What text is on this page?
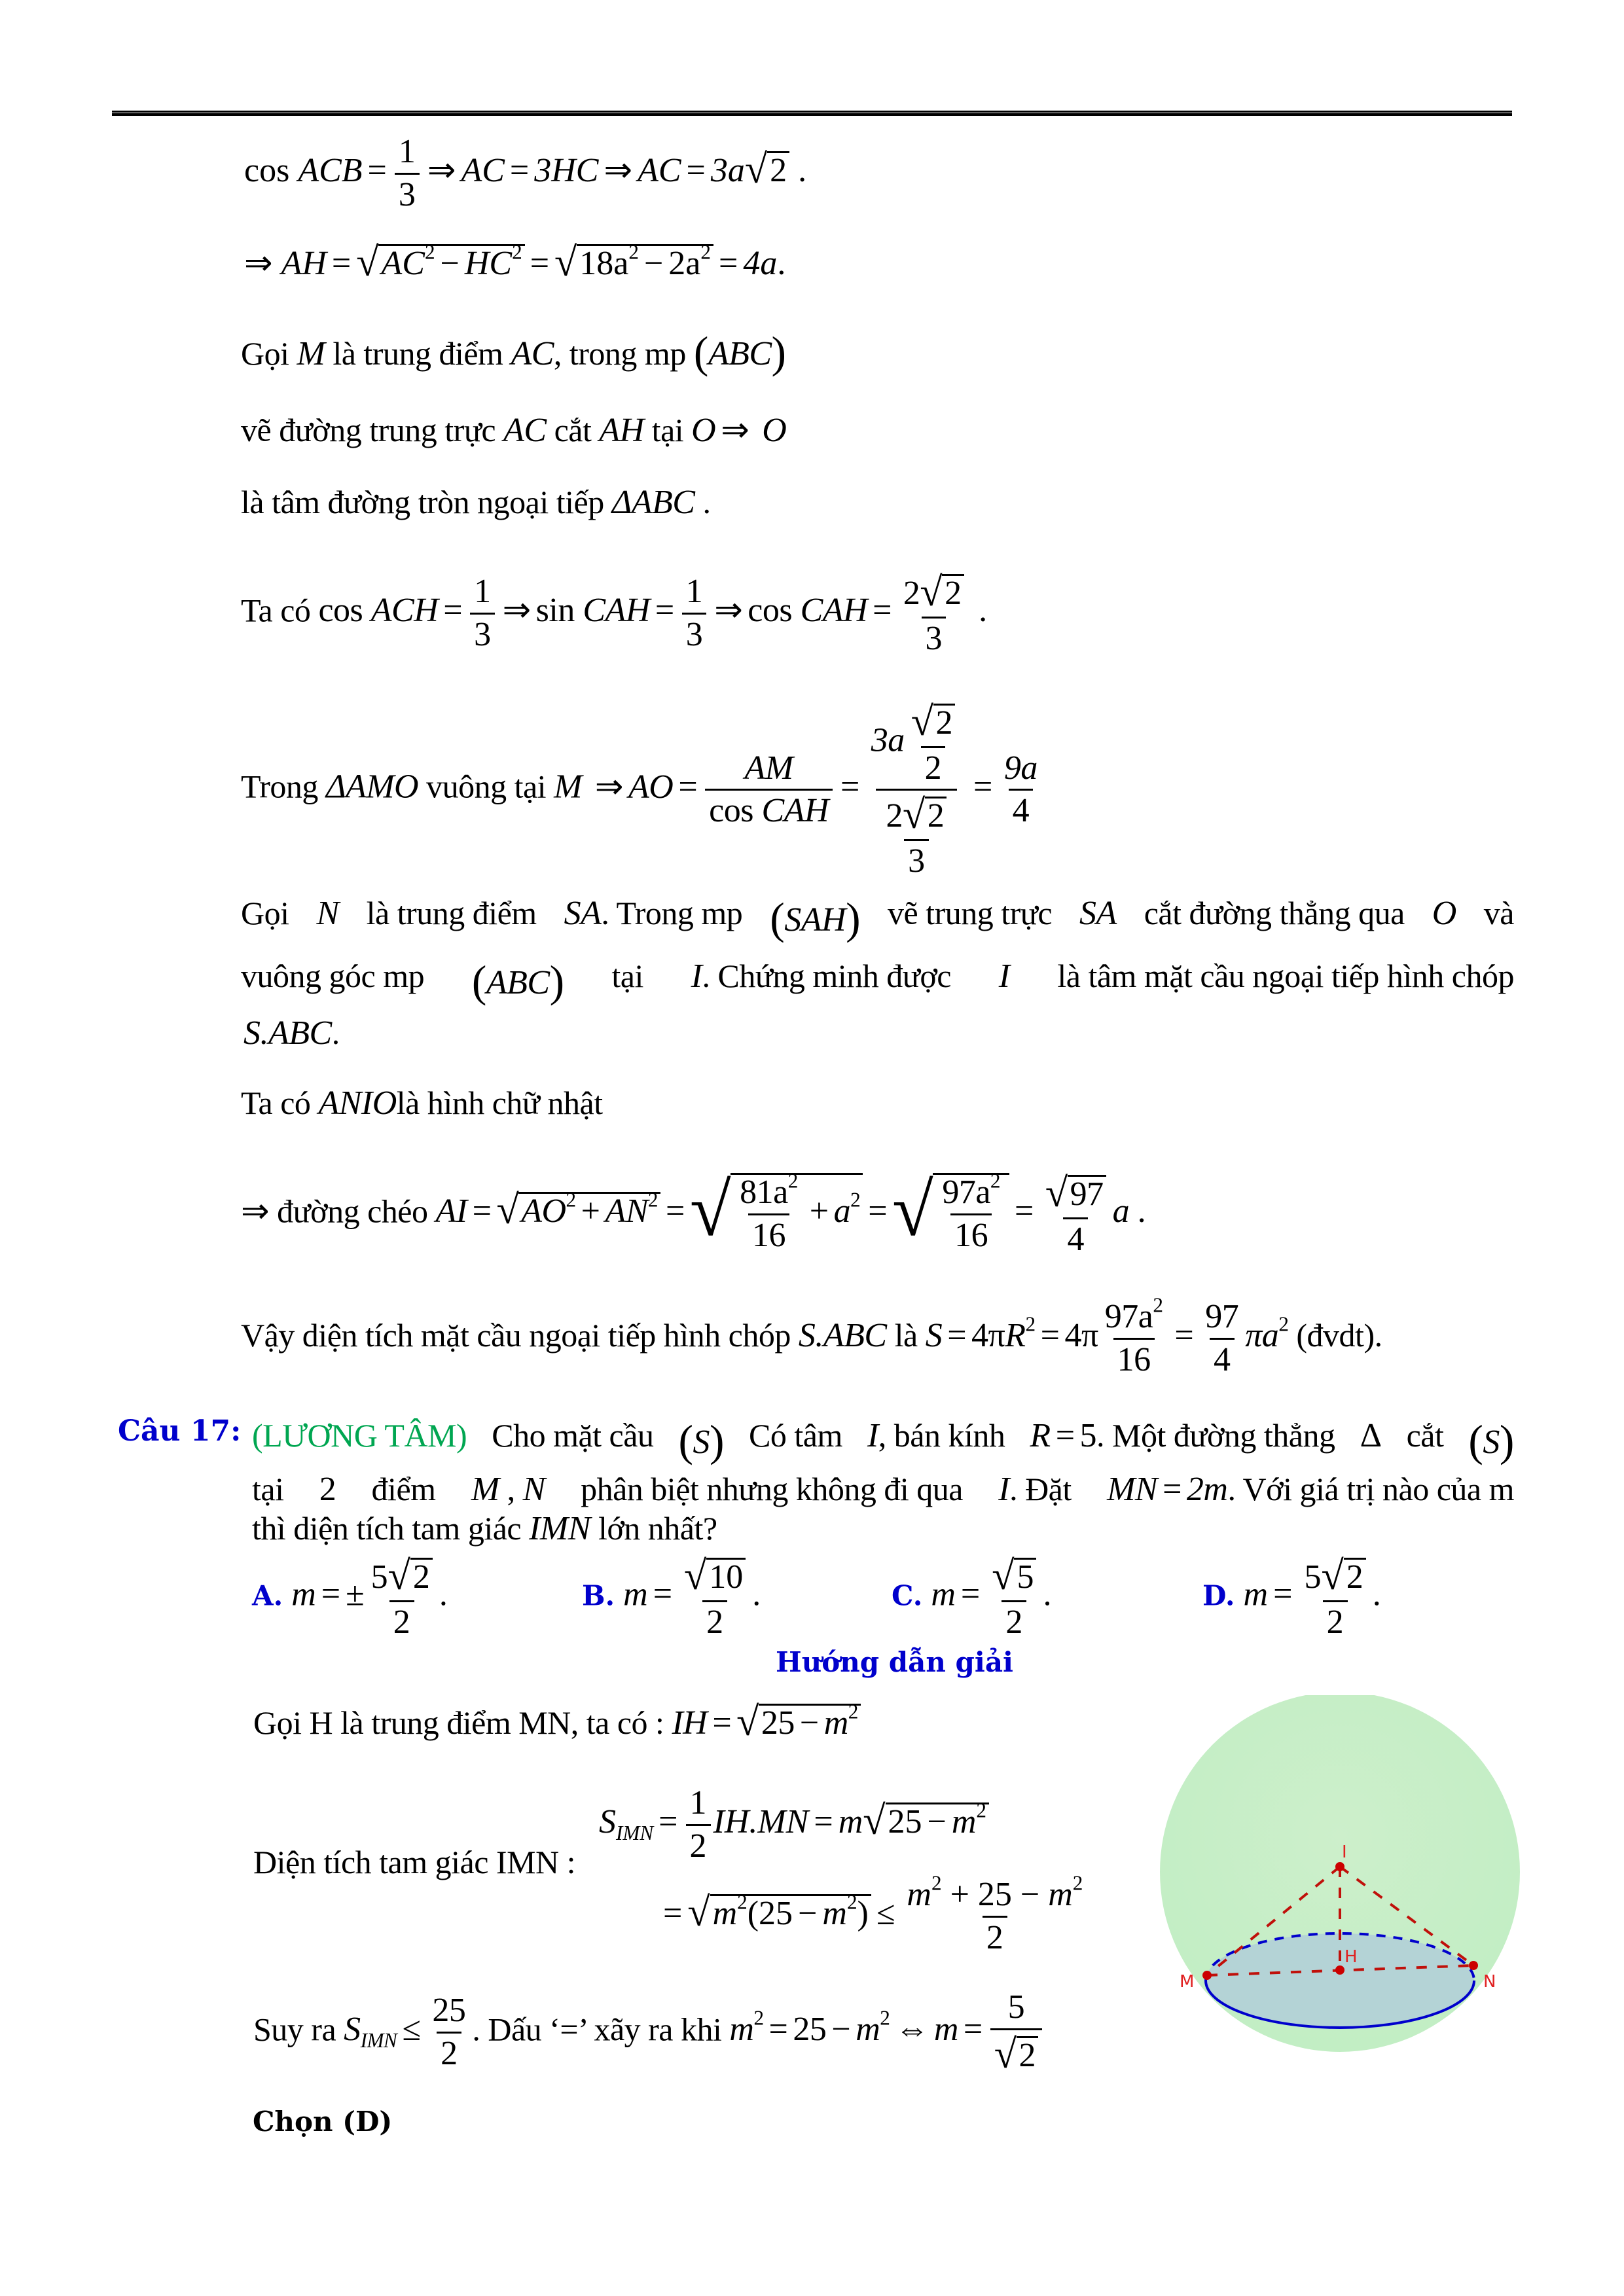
cos ACB = $\frac{1}{3}$ ⇒ AC = 3HC ⇒ AC = 3a√2 .
⇒ AH = $√AC^2 - HC^2 = √18a^2 - 2a^2 = 4a$.
Gọi M là trung điểm AC, trong mp (ABC)
vẽ đường trung trực AC cắt AH tại O ⇒ O
là tâm đường tròn ngoại tiếp ΔABC .
Ta có cos ACH = $\frac{1}{3}$ ⇒ sin CAH = $\frac{1}{3}$ ⇒ cos CAH = $\frac{2√2}{3}$ .
Trong ΔAMO vuông tại M ⇒ AO = $\frac{AM}{\text{cos CAH}} = \frac{3a \frac{√2}{2}}{\frac{2√2}{3}} = \frac{9a}{4}$
Gọi N là trung điểm SA. Trong mp (SAH) vẽ trung trực SA cắt đường thẳng qua O và
vuông góc mp (ABC) tại I. Chứng minh được I là tâm mặt cầu ngoại tiếp hình chóp
S.ABC.
Ta có ANIOlà hình chữ nhật
⇒ đường chéo AI = $√AO^2 + AN^2$ =√ $\frac{81a^2}{16} + a^2$ =√ $\frac{97a^2}{16} = \frac{√97}{4}$ a .
Vậy diện tích mặt cầu ngoại tiếp hình chóp S.ABC là $S = 4\pi R^2 = 4\pi \frac{97a^2}{16} = \frac{97}{4} \pi a^2$ (đvdt).
Câu 17: (LƯƠNG TÂM) Cho mặt cầu (S) Có tâm I, bán kính R = 5. Một đường thẳng Δ cắt (S)
tại 2 điểm M , N phân biệt nhưng không đi qua I. Đặt MN = 2m. Với giá trị nào của m
thì diện tích tam giác IMN lớn nhất?
A. m = ± $\frac{5√2}{2}$ .	B. $m = \frac{√10}{2}$ .	C. $m = \frac{√5}{2}$ .	D. $m = \frac{5√2}{2}$ .
Hướng dẫn giải
Gọi H là trung điểm MN, ta có : IH = $√25 - m^2$
$S_{IMN} = \frac{1}{2} IH.MN = m√25 - m^2$
Diện tích tam giác IMN :
= $√m^2(25 - m^2) \le \frac{m^2 + 25 - m^2}{2}$
Suy ra $S_{IMN} \le \frac{25}{2}$ . Dấu ‘=’ xãy ra khi $m^2 = 25 - m^2$ ⇔ $m = \frac{5}{√2}$
Chọn (D)
I
H
M	N
